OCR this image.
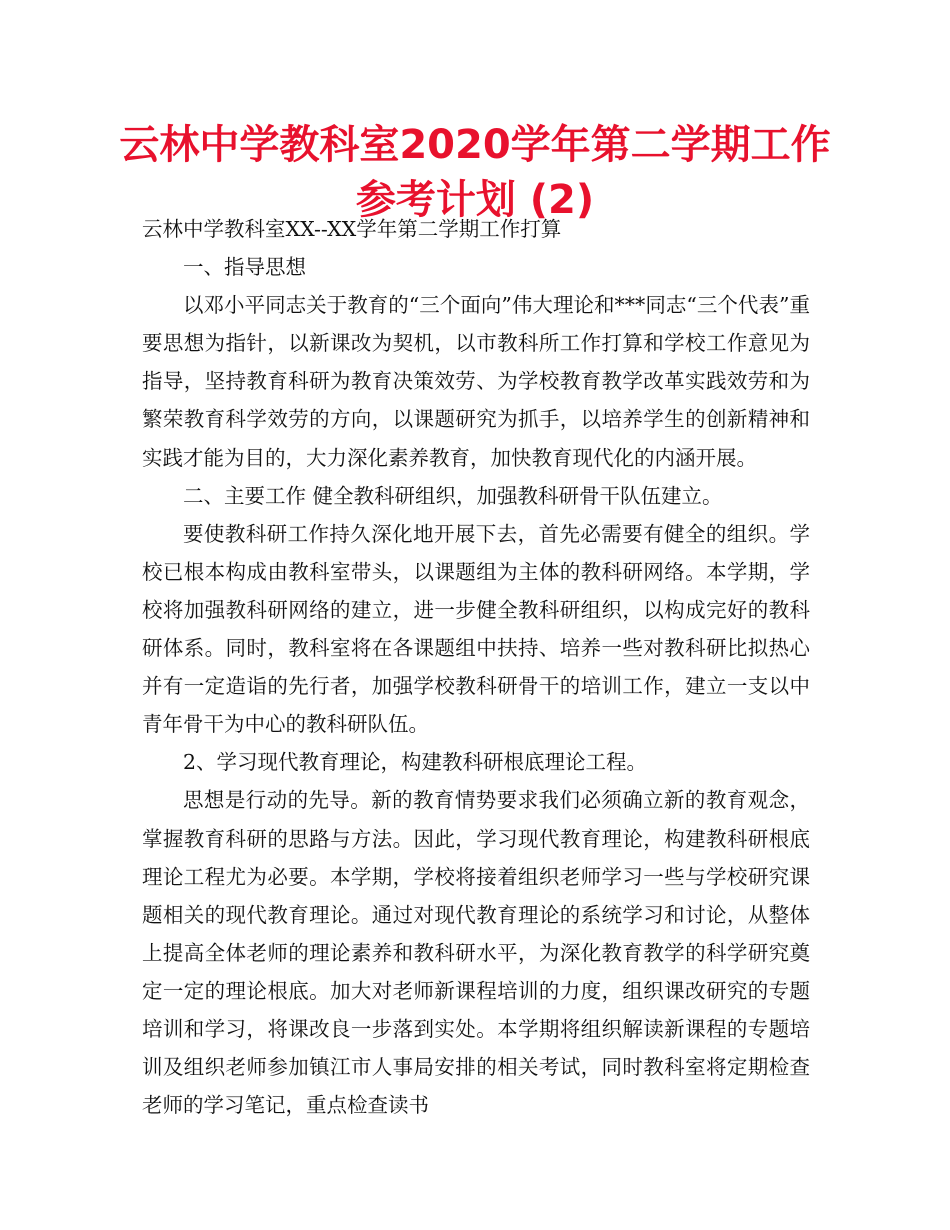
云林中学教科室2020学年第二学期工作参考计划 (2)

云林中学教科室XX--XX学年第二学期工作打算

一、指导思想

以邓小平同志关于教育的“三个面向”伟大理论和***同志“三个代表”重要思想为指针，以新课改为契机，以市教科所工作打算和学校工作意见为指导，坚持教育科研为教育决策效劳、为学校教育教学改革实践效劳和为繁荣教育科学效劳的方向，以课题研究为抓手，以培养学生的创新精神和实践才能为目的，大力深化素养教育，加快教育现代化的内涵开展。

二、主要工作 健全教科研组织，加强教科研骨干队伍建立。

要使教科研工作持久深化地开展下去，首先必需要有健全的组织。学校已根本构成由教科室带头，以课题组为主体的教科研网络。本学期，学校将加强教科研网络的建立，进一步健全教科研组织，以构成完好的教科研体系。同时，教科室将在各课题组中扶持、培养一些对教科研比拟热心并有一定造诣的先行者，加强学校教科研骨干的培训工作，建立一支以中青年骨干为中心的教科研队伍。

2、学习现代教育理论，构建教科研根底理论工程。

思想是行动的先导。新的教育情势要求我们必须确立新的教育观念，掌握教育科研的思路与方法。因此，学习现代教育理论，构建教科研根底理论工程尤为必要。本学期，学校将接着组织老师学习一些与学校研究课题相关的现代教育理论。通过对现代教育理论的系统学习和讨论，从整体上提高全体老师的理论素养和教科研水平，为深化教育教学的科学研究奠定一定的理论根底。加大对老师新课程培训的力度，组织课改研究的专题培训和学习，将课改良一步落到实处。本学期将组织解读新课程的专题培训及组织老师参加镇江市人事局安排的相关考试，同时教科室将定期检查老师的学习笔记，重点检查读书
